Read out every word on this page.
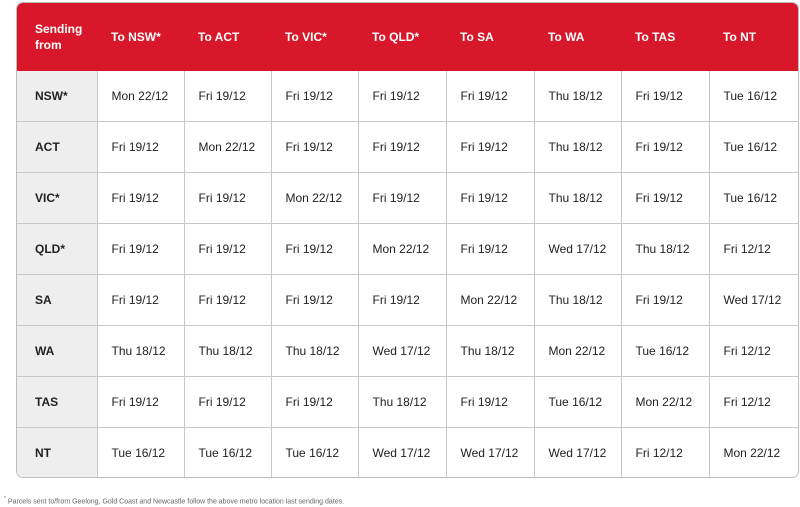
Sending from	To NSW*	To ACT	To VIC*	To QLD*	To SA	To WA	To TAS	To NT
NSW*	Mon 22/12	Fri 19/12	Fri 19/12	Fri 19/12	Fri 19/12	Thu 18/12	Fri 19/12	Tue 16/12
ACT	Fri 19/12	Mon 22/12	Fri 19/12	Fri 19/12	Fri 19/12	Thu 18/12	Fri 19/12	Tue 16/12
VIC*	Fri 19/12	Fri 19/12	Mon 22/12	Fri 19/12	Fri 19/12	Thu 18/12	Fri 19/12	Tue 16/12
QLD*	Fri 19/12	Fri 19/12	Fri 19/12	Mon 22/12	Fri 19/12	Wed 17/12	Thu 18/12	Fri 12/12
SA	Fri 19/12	Fri 19/12	Fri 19/12	Fri 19/12	Mon 22/12	Thu 18/12	Fri 19/12	Wed 17/12
WA	Thu 18/12	Thu 18/12	Thu 18/12	Wed 17/12	Thu 18/12	Mon 22/12	Tue 16/12	Fri 12/12
TAS	Fri 19/12	Fri 19/12	Fri 19/12	Thu 18/12	Fri 19/12	Tue 16/12	Mon 22/12	Fri 12/12
NT	Tue 16/12	Tue 16/12	Tue 16/12	Wed 17/12	Wed 17/12	Wed 17/12	Fri 12/12	Mon 22/12
* Parcels sent to/from Geelong, Gold Coast and Newcastle follow the above metro location last sending dates.
